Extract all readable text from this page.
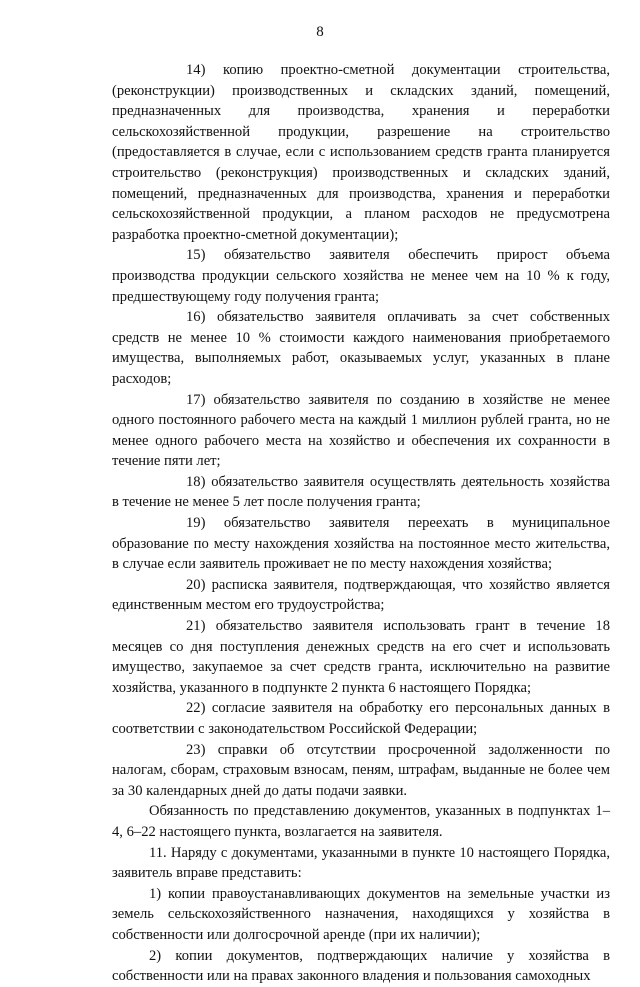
8

14) копию проектно-сметной документации строительства, (реконструкции) производственных и складских зданий, помещений, предназначенных для производства, хранения и переработки сельскохозяйственной продукции, разрешение на строительство (предоставляется в случае, если с использованием средств гранта планируется строительство (реконструкция) производственных и складских зданий, помещений, предназначенных для производства, хранения и переработки сельскохозяйственной продукции, а планом расходов не предусмотрена разработка проектно-сметной документации);

15) обязательство заявителя обеспечить прирост объема производства продукции сельского хозяйства не менее чем на 10 % к году, предшествующему году получения гранта;

16) обязательство заявителя оплачивать за счет собственных средств не менее 10 % стоимости каждого наименования приобретаемого имущества, выполняемых работ, оказываемых услуг, указанных в плане расходов;

17) обязательство заявителя по созданию в хозяйстве не менее одного постоянного рабочего места на каждый 1 миллион рублей гранта, но не менее одного рабочего места на хозяйство и обеспечения их сохранности в течение пяти лет;

18) обязательство заявителя осуществлять деятельность хозяйства в течение не менее 5 лет после получения гранта;

19) обязательство заявителя переехать в муниципальное образование по месту нахождения хозяйства на постоянное место жительства, в случае если заявитель проживает не по месту нахождения хозяйства;

20) расписка заявителя, подтверждающая, что хозяйство является единственным местом его трудоустройства;

21) обязательство заявителя использовать грант в течение 18 месяцев со дня поступления денежных средств на его счет и использовать имущество, закупаемое за счет средств гранта, исключительно на развитие хозяйства, указанного в подпункте 2 пункта 6 настоящего Порядка;

22) согласие заявителя на обработку его персональных данных в соответствии с законодательством Российской Федерации;

23) справки об отсутствии просроченной задолженности по налогам, сборам, страховым взносам, пеням, штрафам, выданные не более чем за 30 календарных дней до даты подачи заявки.

Обязанность по представлению документов, указанных в подпунктах 1–4, 6–22 настоящего пункта, возлагается на заявителя.

11. Наряду с документами, указанными в пункте 10 настоящего Порядка, заявитель вправе представить:

1) копии правоустанавливающих документов на земельные участки из земель сельскохозяйственного назначения, находящихся у хозяйства в собственности или долгосрочной аренде (при их наличии);

2) копии документов, подтверждающих наличие у хозяйства в собственности или на правах законного владения и пользования самоходных
